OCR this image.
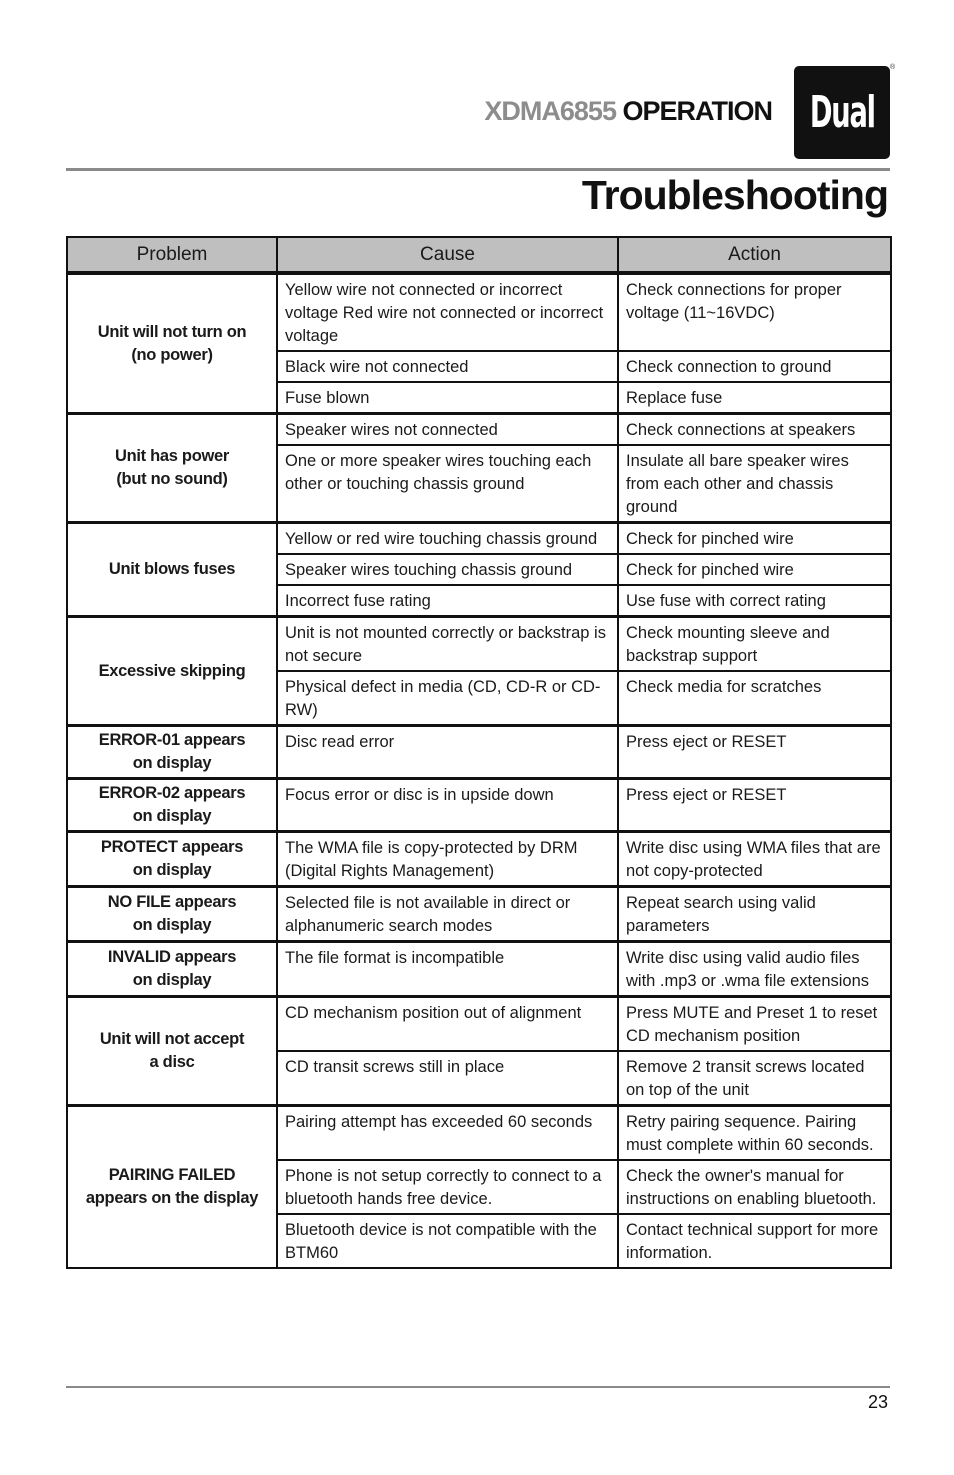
XDMA6855 OPERATION Dual
®
Troubleshooting
Problem	Cause	Action

Unit will not turn on
(no power)	Yellow wire not connected or incorrect voltage Red wire not connected or incorrect voltage	Check connections for proper voltage (11~16VDC)
	Black wire not connected	Check connection to ground
	Fuse blown	Replace fuse

Unit has power
(but no sound)	Speaker wires not connected	Check connections at speakers
	One or more speaker wires touching each other or touching chassis ground	Insulate all bare speaker wires from each other and chassis ground

Unit blows fuses	Yellow or red wire touching chassis ground	Check for pinched wire
	Speaker wires touching chassis ground	Check for pinched wire
	Incorrect fuse rating	Use fuse with correct rating

Excessive skipping	Unit is not mounted correctly or backstrap is not secure	Check mounting sleeve and backstrap support
	Physical defect in media (CD, CD-R or CD-RW)	Check media for scratches

ERROR-01 appears
on display	Disc read error	Press eject or RESET

ERROR-02 appears
on display	Focus error or disc is in upside down	Press eject or RESET

PROTECT appears
on display	The WMA file is copy-protected by DRM (Digital Rights Management)	Write disc using WMA files that are not copy-protected

NO FILE appears
on display	Selected file is not available in direct or alphanumeric search modes	Repeat search using valid parameters

INVALID appears
on display	The file format is incompatible	Write disc using valid audio files with .mp3 or .wma file extensions

Unit will not accept
a disc	CD mechanism position out of alignment	Press MUTE and Preset 1 to reset CD mechanism position
	CD transit screws still in place	Remove 2 transit screws located on top of the unit

PAIRING FAILED
appears on the display	Pairing attempt has exceeded 60 seconds	Retry pairing sequence. Pairing must complete within 60 seconds.
	Phone is not setup correctly to connect to a bluetooth hands free device.	Check the owner's manual for instructions on enabling bluetooth.
	Bluetooth device is not compatible with the BTM60	Contact technical support for more information.
23
